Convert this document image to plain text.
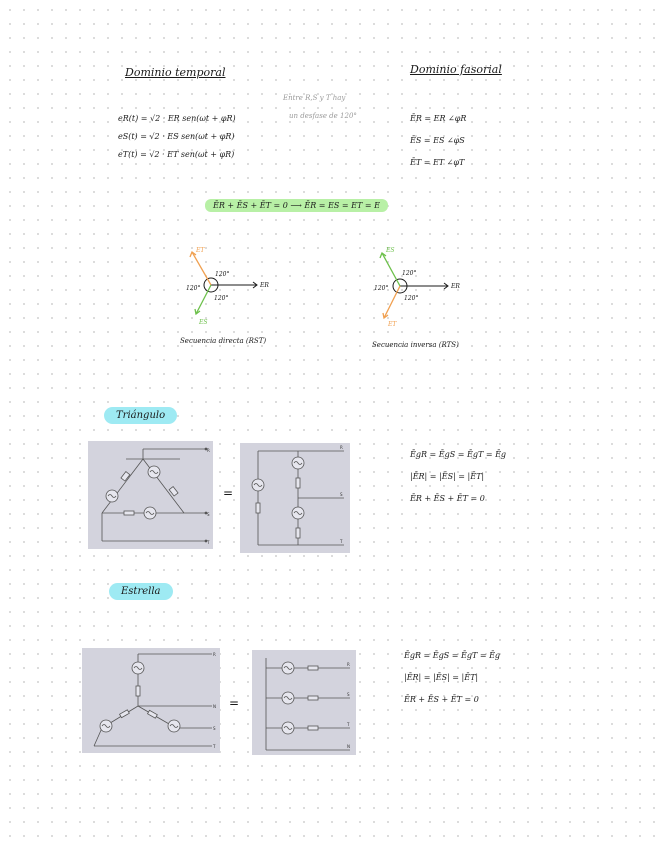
Dominio temporal	Dominio fasorial
eR(t) = √2 · ER sen(ωt + φR)
eS(t) = √2 · ES sen(ωt + φR)
eT(t) = √2 · ET sen(ωt + φR)
Entre R,S y T hay
un desfase de 120°	ĒR = ER ∠φR
ĒS = ES ∠φS
ĒT = ET ∠φT
ĒR + ĒS + ĒT = 0 ⟶ ĒR = ES = ET = E
ER
ET
ES
120°
120°
120°
Secuencia directa (RST)
ER
ES
ET
120°
120°
120°
Secuencia inversa (RTS)
Triángulo
R
S
T
=
R
S
T
ĒgR = ĒgS = ĒgT = Ēg
|ĒR| = |ĒS| = |ĒT|
ĒR + ĒS + ĒT = 0
Estrella
R
N
S
T
=
R
S
T
N
ĒgR = ĒgS = ĒgT = Ēg
|ĒR| = |ĒS| = |ĒT|
ĒR + ĒS + ĒT = 0
